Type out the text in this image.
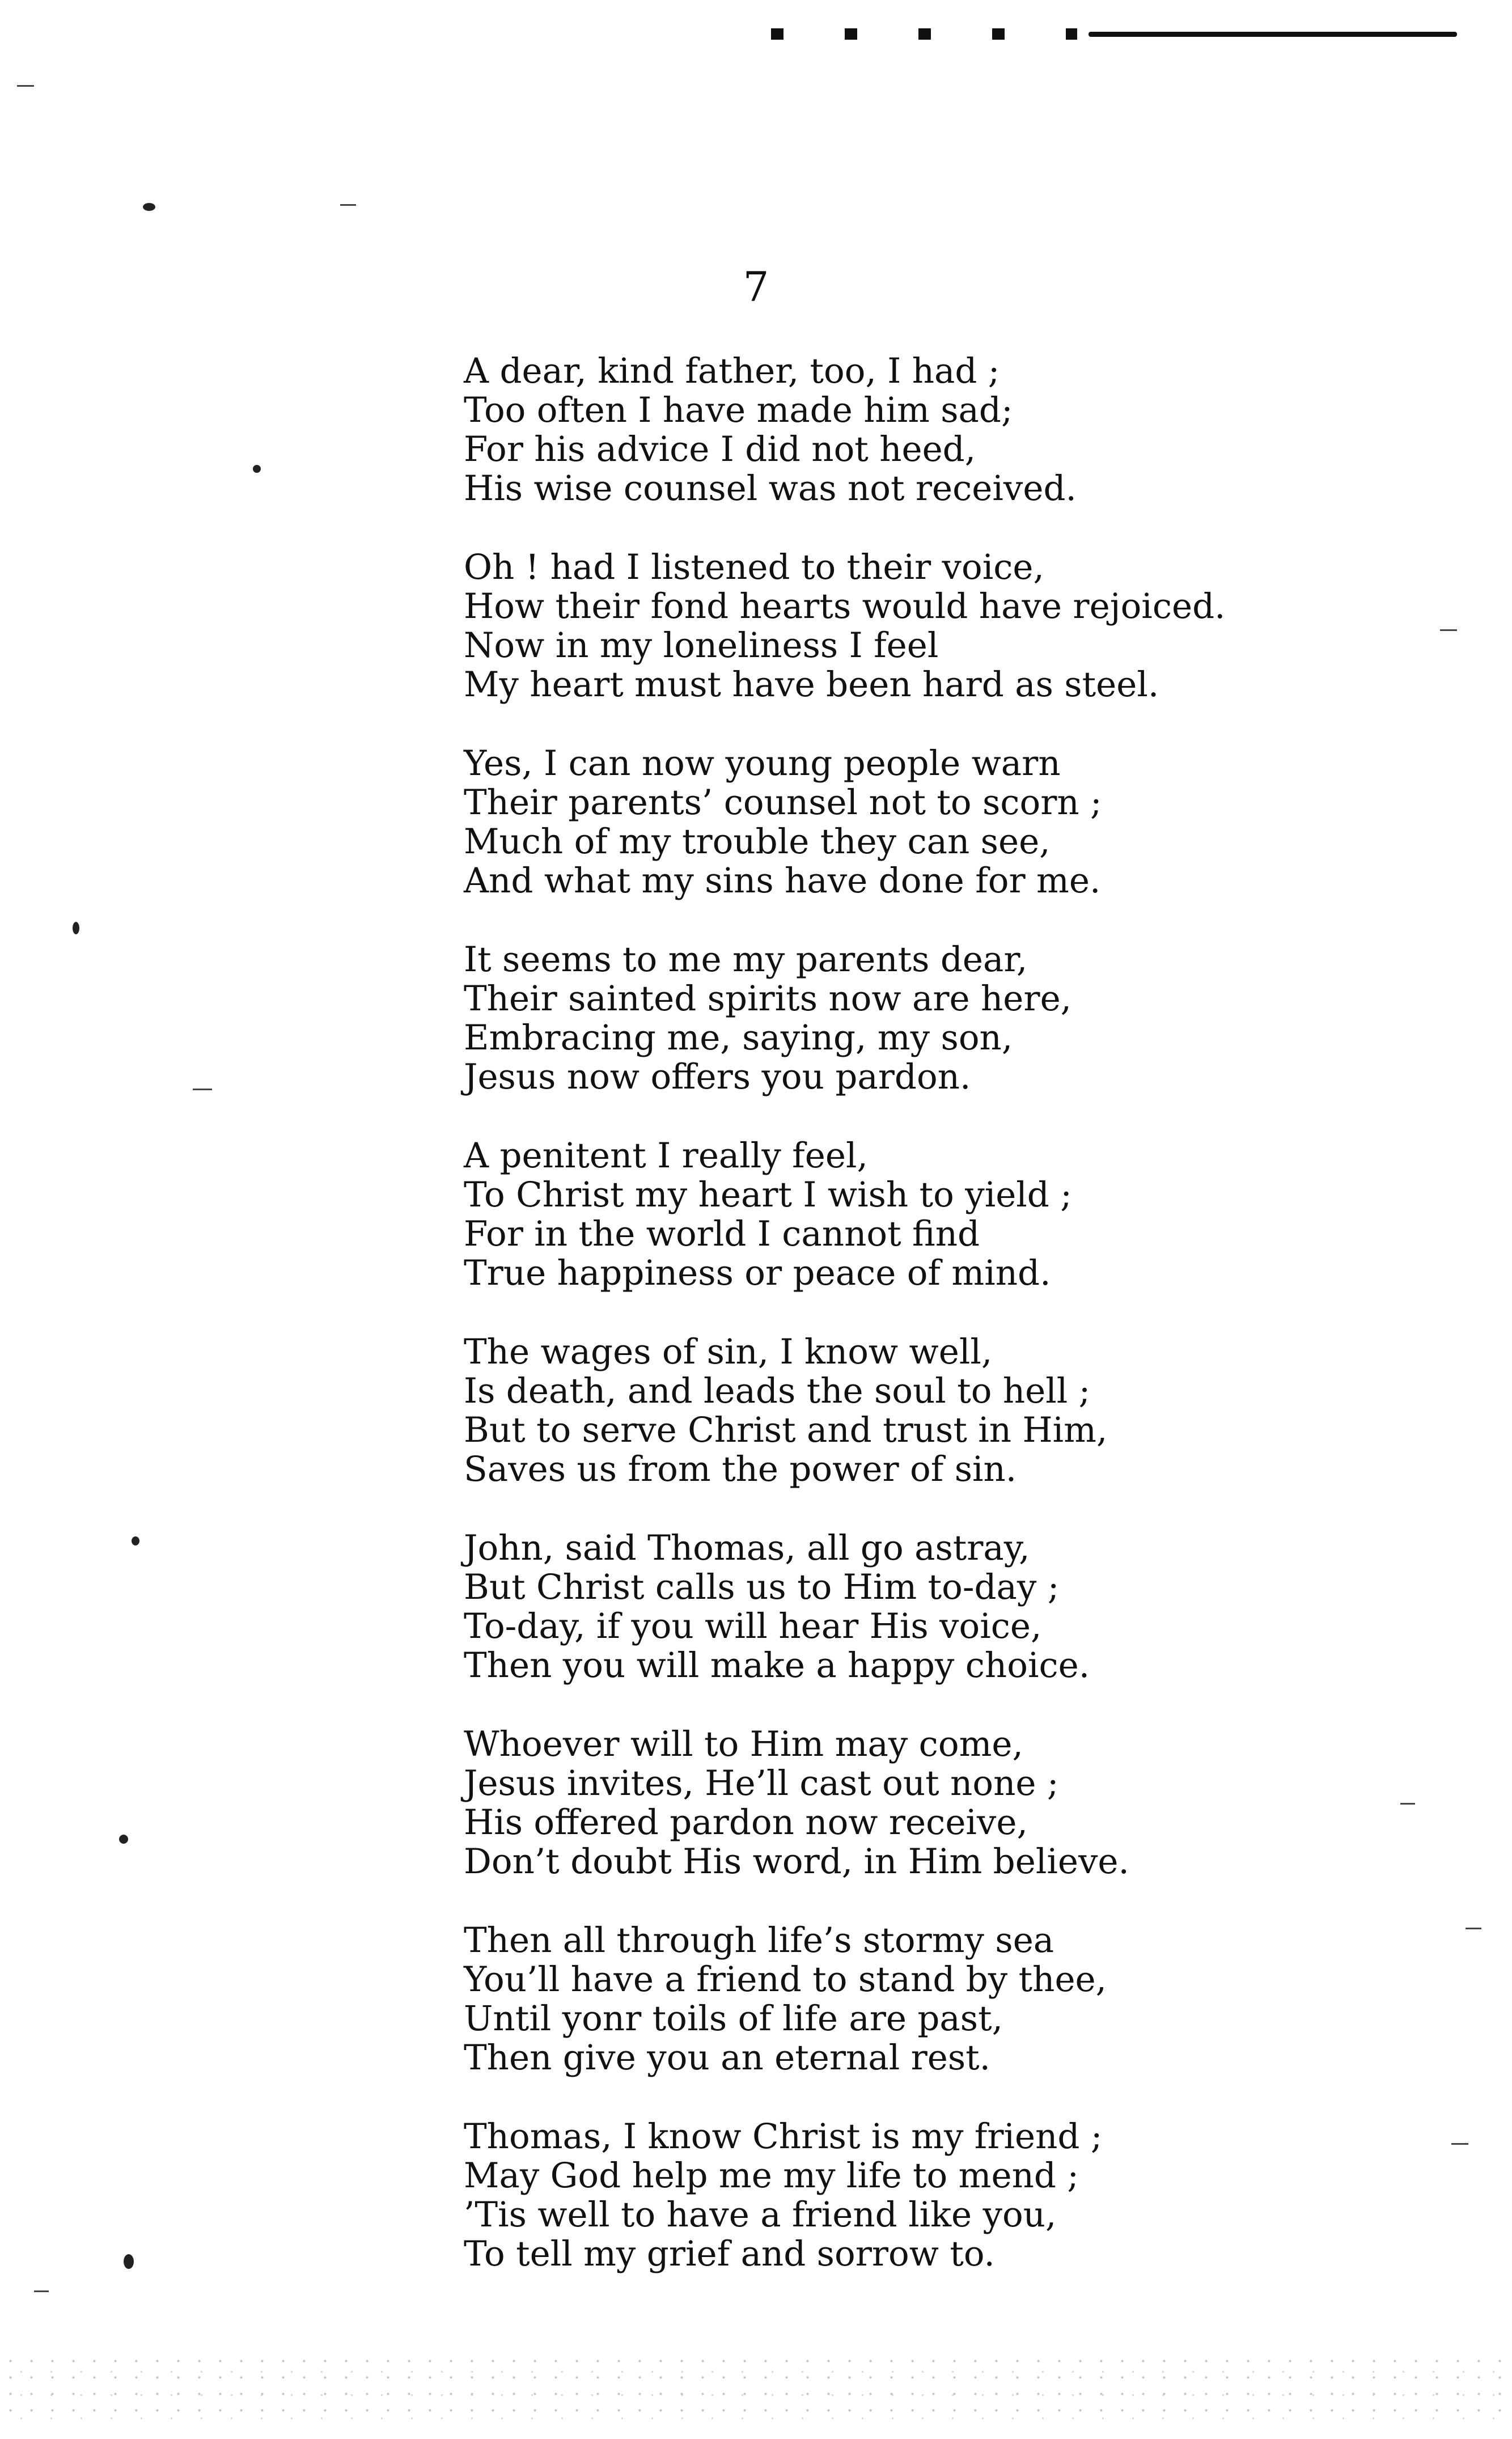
7
A dear, kind father, too, I had ;
Too often I have made him sad;
For his advice I did not heed,
His wise counsel was not received.
Oh ! had I listened to their voice,
How their fond hearts would have rejoiced.
Now in my loneliness I feel
My heart must have been hard as steel.
Yes, I can now young people warn
Their parents’ counsel not to scorn ;
Much of my trouble they can see,
And what my sins have done for me.
It seems to me my parents dear,
Their sainted spirits now are here,
Embracing me, saying, my son,
Jesus now offers you pardon.
A penitent I really feel,
To Christ my heart I wish to yield ;
For in the world I cannot find
True happiness or peace of mind.
The wages of sin, I know well,
Is death, and leads the soul to hell ;
But to serve Christ and trust in Him,
Saves us from the power of sin.
John, said Thomas, all go astray,
But Christ calls us to Him to-day ;
To-day, if you will hear His voice,
Then you will make a happy choice.
Whoever will to Him may come,
Jesus invites, He’ll cast out none ;
His offered pardon now receive,
Don’t doubt His word, in Him believe.
Then all through life’s stormy sea
You’ll have a friend to stand by thee,
Until yonr toils of life are past,
Then give you an eternal rest.
Thomas, I know Christ is my friend ;
May God help me my life to mend ;
’Tis well to have a friend like you,
To tell my grief and sorrow to.
